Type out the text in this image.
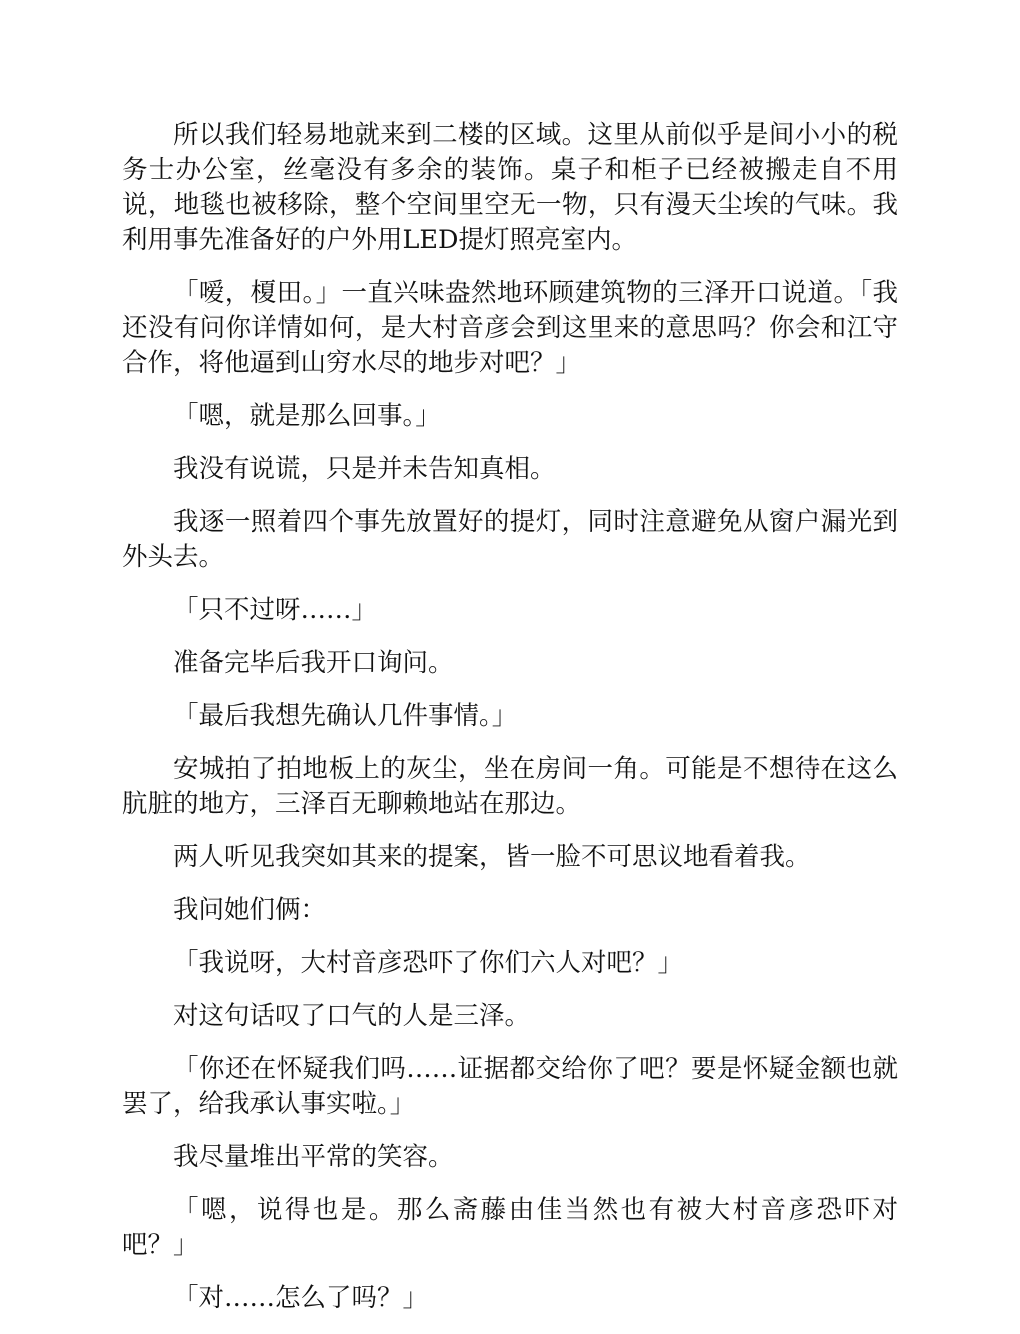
所以我们轻易地就来到二楼的区域。这里从前似乎是间小小的税务士办公室，丝毫没有多余的装饰。桌子和柜子已经被搬走自不用说，地毯也被移除，整个空间里空无一物，只有漫天尘埃的气味。我利用事先准备好的户外用LED提灯照亮室内。

「嗳，榎田。」一直兴味盎然地环顾建筑物的三泽开口说道。「我还没有问你详情如何，是大村音彦会到这里来的意思吗？你会和江守合作，将他逼到山穷水尽的地步对吧？」

「嗯，就是那么回事。」

我没有说谎，只是并未告知真相。

我逐一照着四个事先放置好的提灯，同时注意避免从窗户漏光到外头去。

「只不过呀……」

准备完毕后我开口询问。

「最后我想先确认几件事情。」

安城拍了拍地板上的灰尘，坐在房间一角。可能是不想待在这么肮脏的地方，三泽百无聊赖地站在那边。

两人听见我突如其来的提案，皆一脸不可思议地看着我。

我问她们俩：

「我说呀，大村音彦恐吓了你们六人对吧？」

对这句话叹了口气的人是三泽。

「你还在怀疑我们吗……证据都交给你了吧？要是怀疑金额也就罢了，给我承认事实啦。」

我尽量堆出平常的笑容。

「嗯，说得也是。那么斋藤由佳当然也有被大村音彦恐吓对吧？」

「对……怎么了吗？」
